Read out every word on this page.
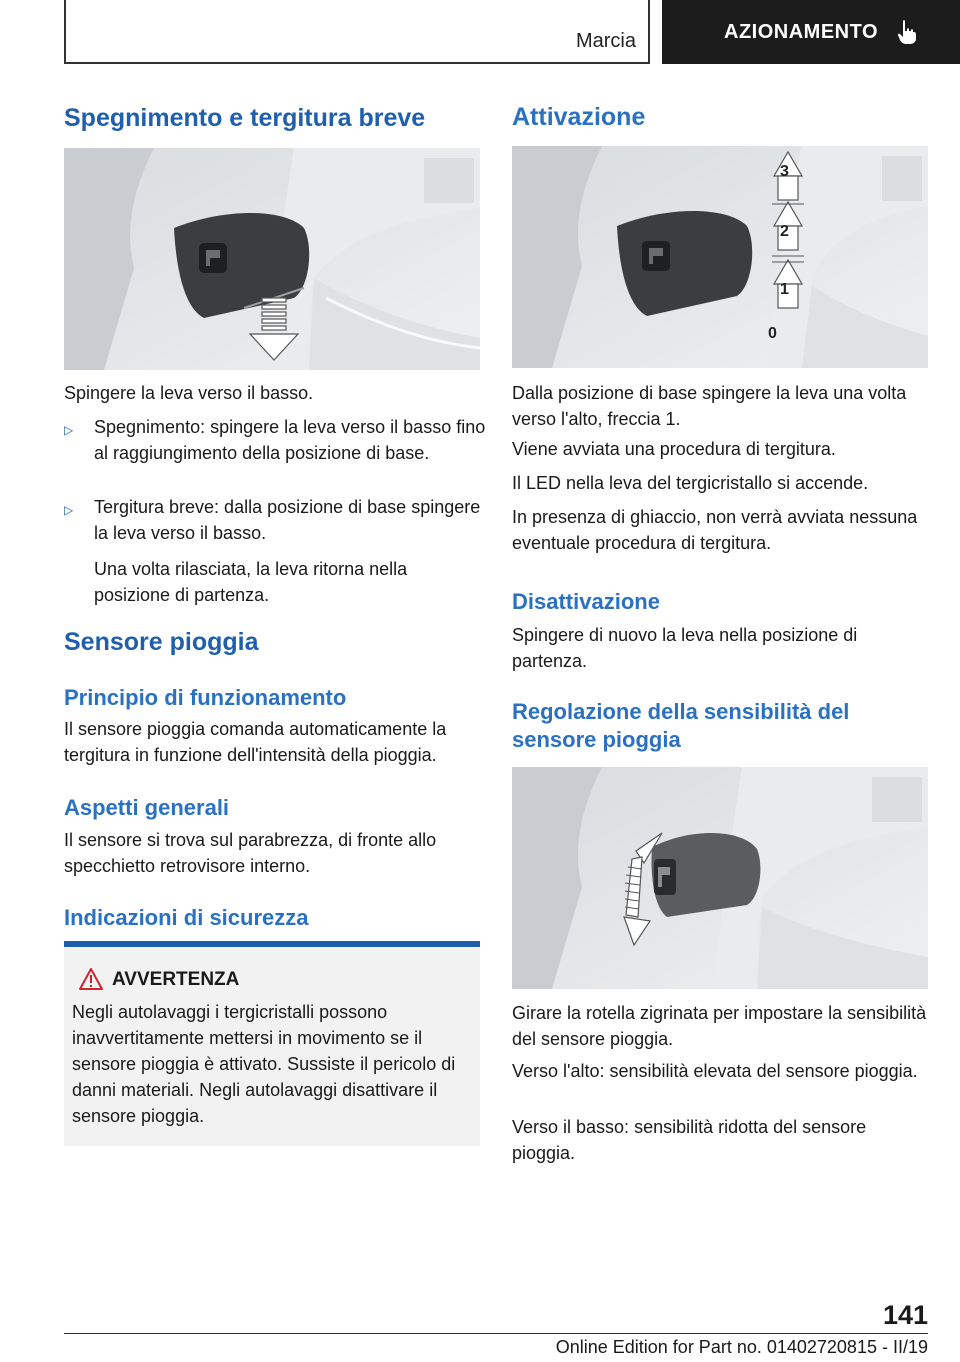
Marcia	AZIONAMENTO
Spegnimento e tergitura breve

Spingere la leva verso il basso.

▷ Spegnimento: spingere la leva verso il basso fino al raggiungimento della posizione di base.
▷ Tergitura breve: dalla posizione di base spingere la leva verso il basso.

Una volta rilasciata, la leva ritorna nella posizione di partenza.

Sensore pioggia
Principio di funzionamento

Il sensore pioggia comanda automaticamente la tergitura in funzione dell'intensità della pioggia.

Aspetti generali

Il sensore si trova sul parabrezza, di fronte allo specchietto retrovisore interno.

Indicazioni di sicurezza
AVVERTENZA

Negli autolavaggi i tergicristalli possono inavvertitamente mettersi in movimento se il sensore pioggia è attivato. Sussiste il pericolo di danni materiali. Negli autolavaggi disattivare il sensore pioggia.

Attivazione
3
2
1
0

Dalla posizione di base spingere la leva una volta verso l'alto, freccia 1.

Viene avviata una procedura di tergitura.

Il LED nella leva del tergicristallo si accende.

In presenza di ghiaccio, non verrà avviata nessuna eventuale procedura di tergitura.

Disattivazione

Spingere di nuovo la leva nella posizione di partenza.

Regolazione della sensibilità del sensore pioggia

Girare la rotella zigrinata per impostare la sensibilità del sensore pioggia.

Verso l'alto: sensibilità elevata del sensore pioggia.

Verso il basso: sensibilità ridotta del sensore pioggia.

141
Online Edition for Part no. 01402720815 - II/19
